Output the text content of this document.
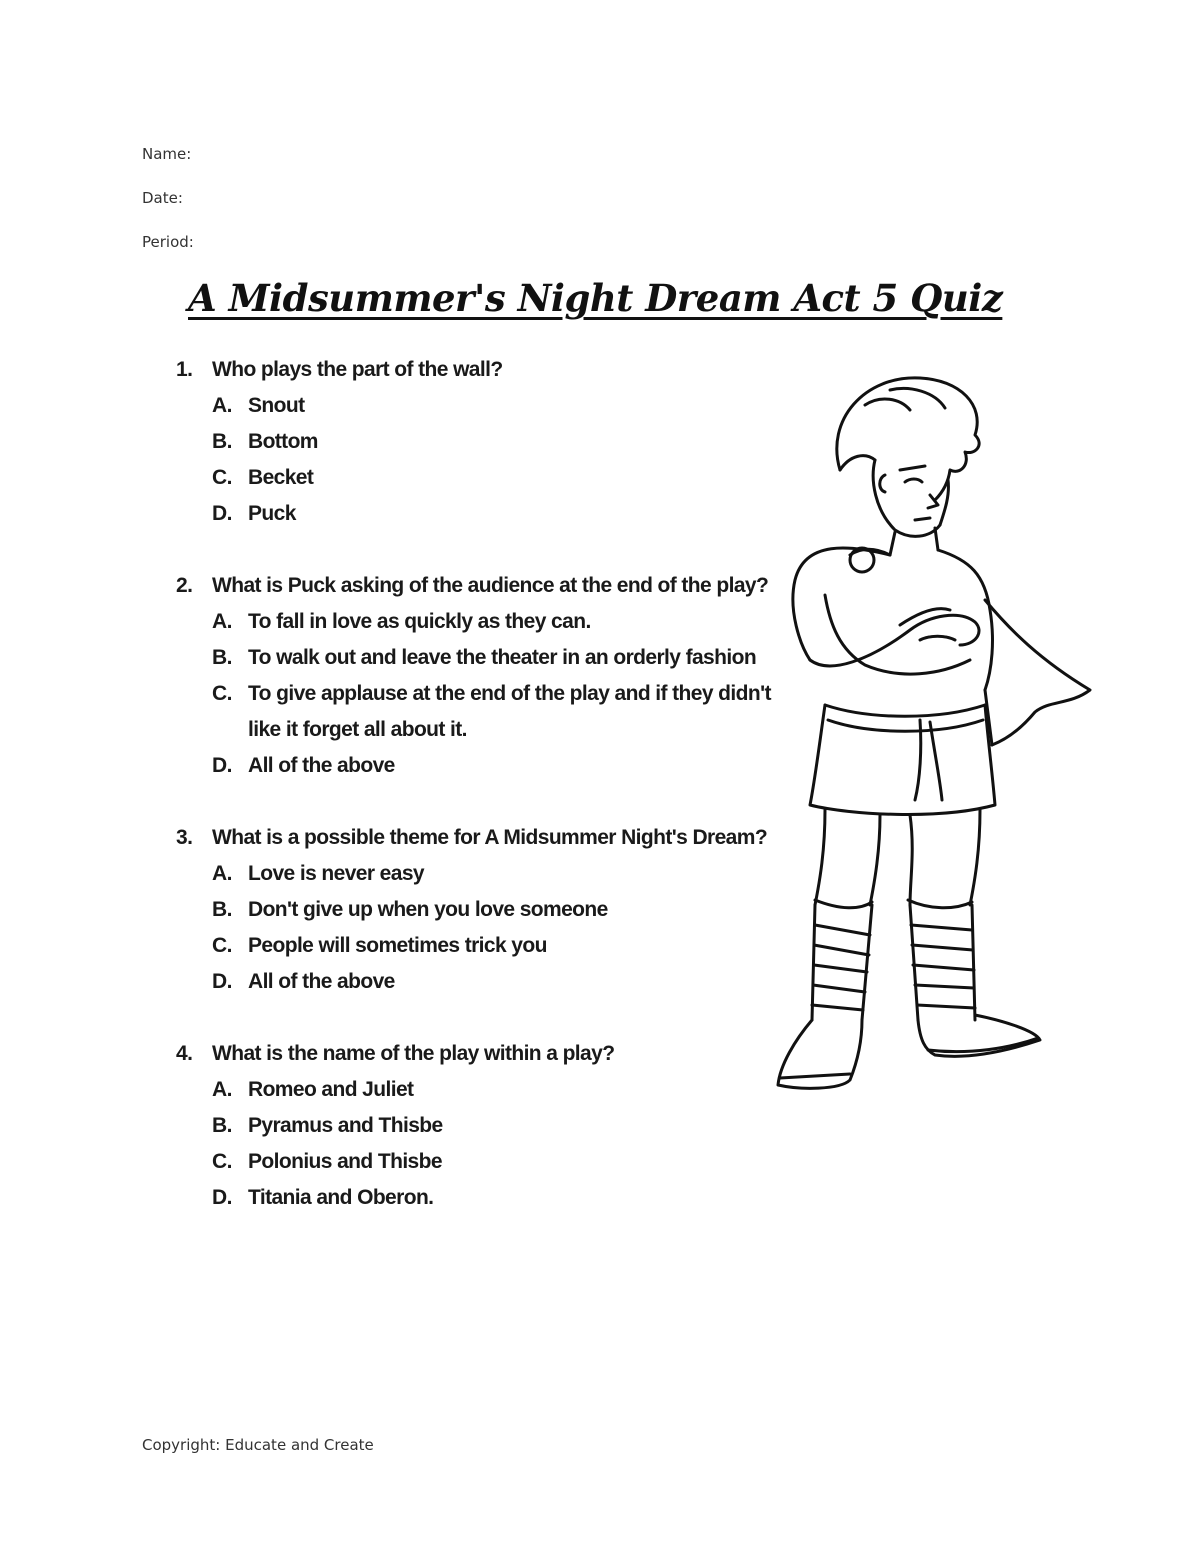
Name:
Date:
Period:
A Midsummer's Night Dream Act 5 Quiz
1. Who plays the part of the wall?
A. Snout
B. Bottom
C. Becket
D. Puck
2. What is Puck asking of the audience at the end of the play?
A. To fall in love as quickly as they can.
B. To walk out and leave the theater in an orderly fashion
C. To give applause at the end of the play and if they didn't like it forget all about it.
D. All of the above
3. What is a possible theme for A Midsummer Night's Dream?
A. Love is never easy
B. Don't give up when you love someone
C. People will sometimes trick you
D. All of the above
4. What is the name of the play within a play?
A. Romeo and Juliet
B. Pyramus and Thisbe
C. Polonius and Thisbe
D. Titania and Oberon.
Copyright: Educate and Create
